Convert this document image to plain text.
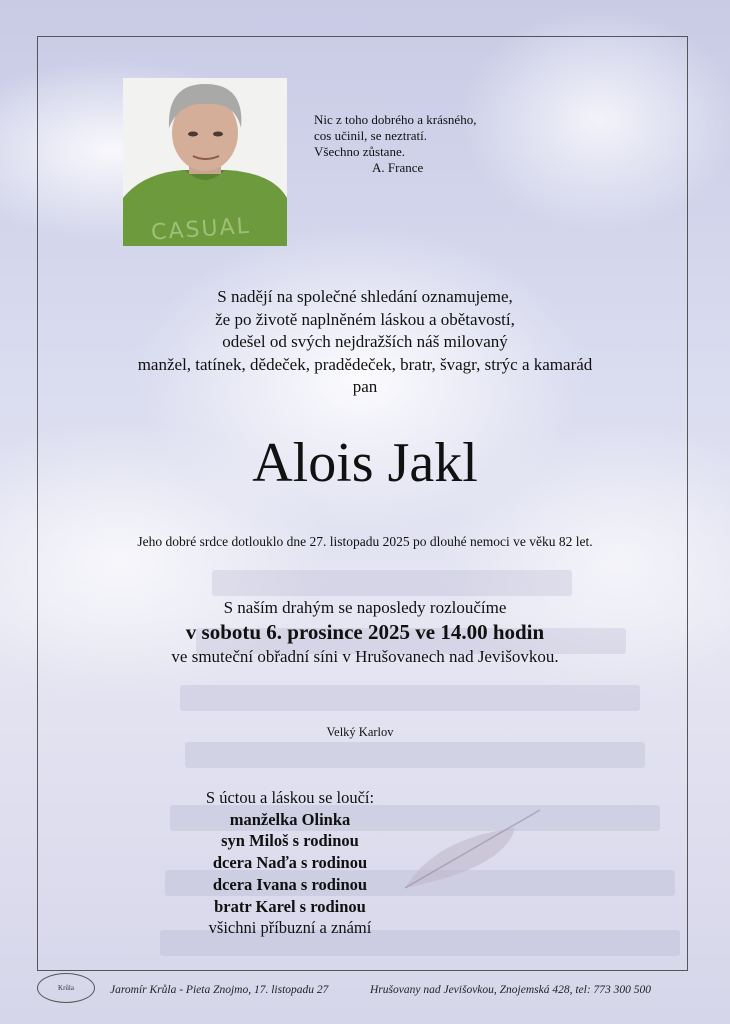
CASUAL
Nic z toho dobrého a krásného,
cos učinil, se neztratí.
Všechno zůstane.
A. France
S nadějí na společné shledání oznamujeme,
že po životě naplněném láskou a obětavostí,
odešel od svých nejdražších náš milovaný
manžel, tatínek, dědeček, pradědeček, bratr, švagr, strýc a kamarád
pan
Alois Jakl
Jeho dobré srdce dotlouklo dne 27. listopadu 2025 po dlouhé nemoci ve věku 82 let.
S naším drahým se naposledy rozloučíme
v sobotu 6. prosince 2025 ve 14.00 hodin
ve smuteční obřadní síni v Hrušovanech nad Jevišovkou.
Velký Karlov
S úctou a láskou se loučí:
manželka Olinka
syn Miloš s rodinou
dcera Naďa s rodinou
dcera Ivana s rodinou
bratr Karel s rodinou
všichni příbuzní a známí
Krůla	Jaromír Krůla - Pieta Znojmo, 17. listopadu 27	Hrušovany nad Jevišovkou, Znojemská 428, tel: 773 300 500
